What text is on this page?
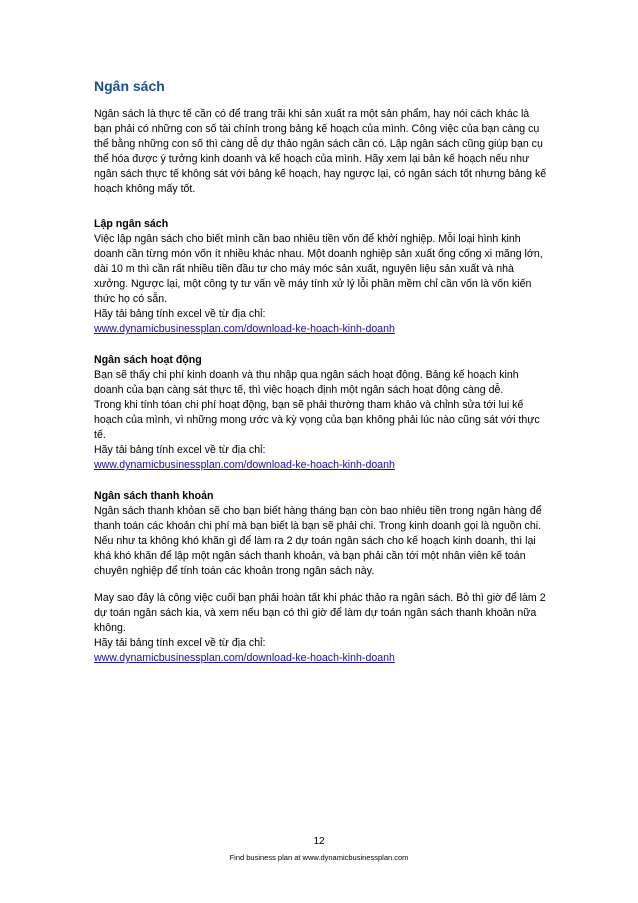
Ngân sách

Ngân sách là thực tế cần có để trang trãi khi sản xuất ra một sản phẩm, hay nói cách khác là bạn phải có những con số tài chính trong bảng kế hoạch của mình. Công việc của bạn càng cụ thể bằng những con số thì càng dễ dự thảo ngân sách cần có. Lập ngân sách cũng giúp bạn cụ thể hóa được ý tưởng kinh doanh và kế hoạch của mình. Hãy xem lại bản kế hoạch nếu như ngân sách thực tế không sát với bảng kế hoạch, hay ngược lại, có ngân sách tốt nhưng bảng kế hoạch không mấy tốt.

Lập ngân sách

Việc lập ngân sách cho biết mình cần bao nhiêu tiền vốn để khởi nghiệp. Mỗi loại hình kinh doanh cần từng món vốn ít nhiều khác nhau. Một doanh nghiệp sản xuất ống cống xi măng lớn, dài 10 m thì cần rất nhiều tiền đầu tư cho máy móc sản xuất, nguyên liệu sản xuất và nhà xưởng. Ngược lại, một công ty tư vấn về máy tính xử lý lỗi phần mềm chỉ cần vốn là vốn kiến thức họ có sẵn.

Hãy tải bảng tính excel về từ địa chỉ:

www.dynamicbusinessplan.com/download-ke-hoach-kinh-doanh

Ngân sách hoạt động

Bạn sẽ thấy chi phí kinh doanh và thu nhập qua ngân sách hoạt động. Bảng kế hoạch kinh doanh của bạn càng sát thực tế, thì việc hoạch định một ngân sách hoạt động càng dễ.

Trong khi tính tóan chi phí hoạt động, bạn sẽ phải thường tham khảo và chỉnh sửa tới lui kế hoạch của mình, vì những mong ước và kỳ vọng của bạn không phải lúc nào cũng sát với thực tế.

Hãy tải bảng tính excel về từ địa chỉ:

www.dynamicbusinessplan.com/download-ke-hoach-kinh-doanh

Ngân sách thanh khoản

Ngân sách thanh khỏan sẽ cho bạn biết hàng tháng bạn còn bao nhiêu tiền trong ngân hàng để thanh toán các khoản chi phí mà bạn biết là bạn sẽ phải chi. Trong kinh doanh gọi là nguồn chi. Nếu như ta không khó khăn gì để làm ra 2 dự toán ngân sách cho kế hoạch kinh doanh, thì lại khá khó khăn để lập một ngân sách thanh khoản, và bạn phải cần tới một nhân viên kế toán chuyên nghiệp để tính toán các khoản trong ngân sách này.

May sao đây là công việc cuối bạn phải hoàn tất khi phác thảo ra ngân sách. Bỏ thì giờ để làm 2 dự toán ngân sách kia, và xem nếu bạn có thì giờ để làm dự toán ngân sách thanh khoản nữa không.

Hãy tải bảng tính excel về từ địa chỉ:

www.dynamicbusinessplan.com/download-ke-hoach-kinh-doanh
12
Find business plan at www.dynamicbusinessplan.com
